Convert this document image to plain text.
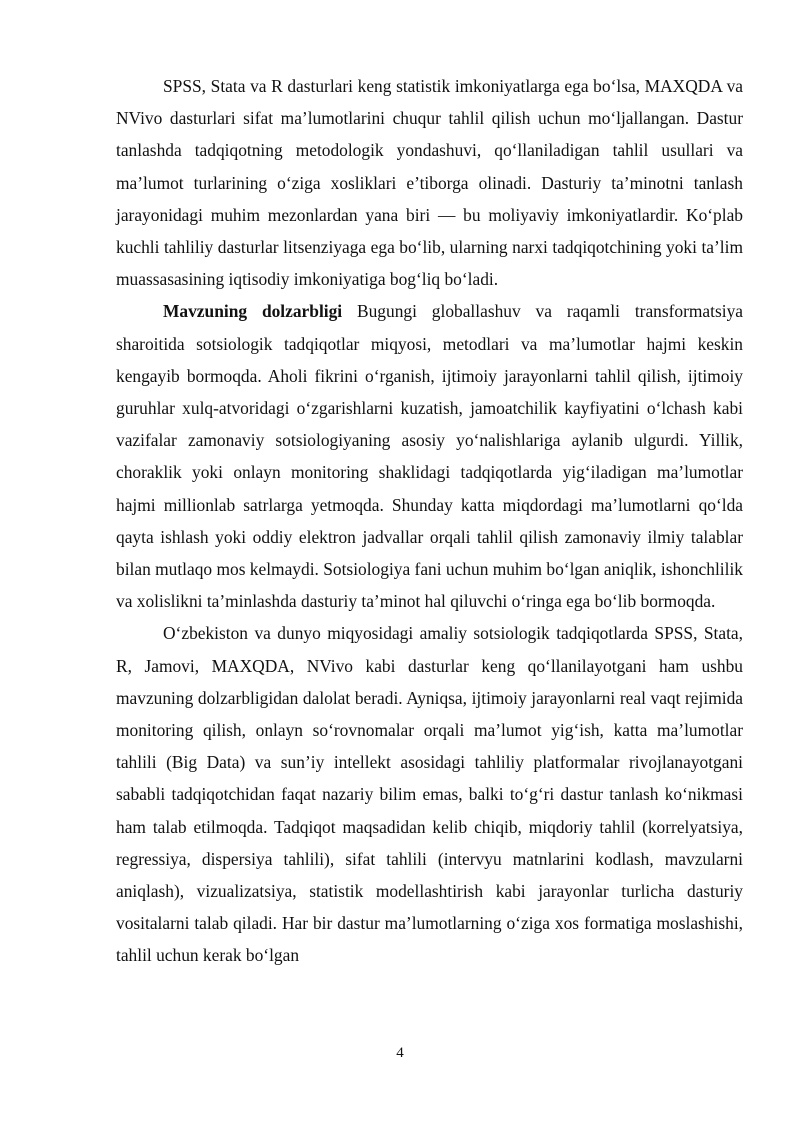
SPSS, Stata va R dasturlari keng statistik imkoniyatlarga ega bo‘lsa, MAXQDA va NVivo dasturlari sifat ma’lumotlarini chuqur tahlil qilish uchun mo‘ljallangan. Dastur tanlashda tadqiqotning metodologik yondashuvi, qo‘llaniladigan tahlil usullari va ma’lumot turlarining o‘ziga xosliklari e’tiborga olinadi. Dasturiy ta’minotni tanlash jarayonidagi muhim mezonlardan yana biri — bu moliyaviy imkoniyatlardir. Ko‘plab kuchli tahliliy dasturlar litsenziyaga ega bo‘lib, ularning narxi tadqiqotchining yoki ta’lim muassasasining iqtisodiy imkoniyatiga bog‘liq bo‘ladi.

Mavzuning dolzarbligi Bugungi globallashuv va raqamli transformatsiya sharoitida sotsiologik tadqiqotlar miqyosi, metodlari va ma’lumotlar hajmi keskin kengayib bormoqda. Aholi fikrini o‘rganish, ijtimoiy jarayonlarni tahlil qilish, ijtimoiy guruhlar xulq-atvoridagi o‘zgarishlarni kuzatish, jamoatchilik kayfiyatini o‘lchash kabi vazifalar zamonaviy sotsiologiyaning asosiy yo‘nalishlariga aylanib ulgurdi. Yillik, choraklik yoki onlayn monitoring shaklidagi tadqiqotlarda yig‘iladigan ma’lumotlar hajmi millionlab satrlarga yetmoqda. Shunday katta miqdordagi ma’lumotlarni qo‘lda qayta ishlash yoki oddiy elektron jadvallar orqali tahlil qilish zamonaviy ilmiy talablar bilan mutlaqo mos kelmaydi. Sotsiologiya fani uchun muhim bo‘lgan aniqlik, ishonchlilik va xolislikni ta’minlashda dasturiy ta’minot hal qiluvchi o‘ringa ega bo‘lib bormoqda.

O‘zbekiston va dunyo miqyosidagi amaliy sotsiologik tadqiqotlarda SPSS, Stata, R, Jamovi, MAXQDA, NVivo kabi dasturlar keng qo‘llanilayotgani ham ushbu mavzuning dolzarbligidan dalolat beradi. Ayniqsa, ijtimoiy jarayonlarni real vaqt rejimida monitoring qilish, onlayn so‘rovnomalar orqali ma’lumot yig‘ish, katta ma’lumotlar tahlili (Big Data) va sun’iy intellekt asosidagi tahliliy platformalar rivojlanayotgani sababli tadqiqotchidan faqat nazariy bilim emas, balki to‘g‘ri dastur tanlash ko‘nikmasi ham talab etilmoqda. Tadqiqot maqsadidan kelib chiqib, miqdoriy tahlil (korrelyatsiya, regressiya, dispersiya tahlili), sifat tahlili (intervyu matnlarini kodlash, mavzularni aniqlash), vizualizatsiya, statistik modellashtirish kabi jarayonlar turlicha dasturiy vositalarni talab qiladi. Har bir dastur ma’lumotlarning o‘ziga xos formatiga moslashishi, tahlil uchun kerak bo‘lgan

4
